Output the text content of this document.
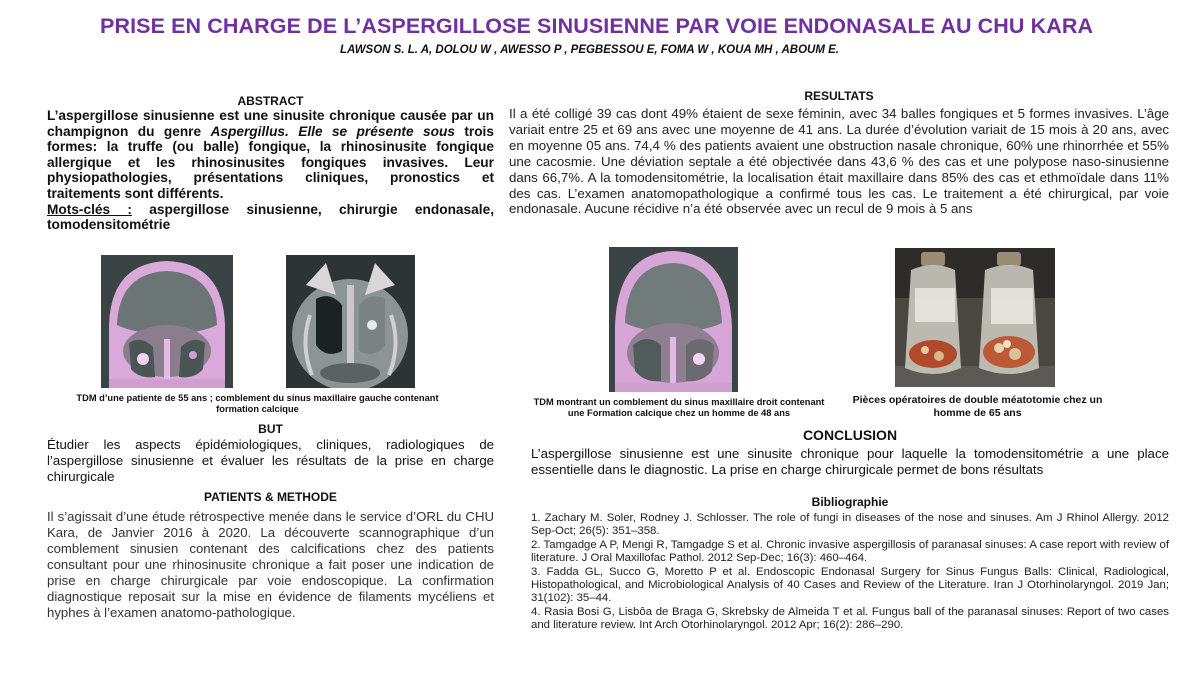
PRISE EN CHARGE DE L’ASPERGILLOSE SINUSIENNE PAR VOIE ENDONASALE AU CHU KARA
LAWSON S. L. A, DOLOU W , AWESSO P , PEGBESSOU E, FOMA W , KOUA MH , ABOUM E.
ABSTRACT
L’aspergillose sinusienne est une sinusite chronique causée par un champignon du genre Aspergillus. Elle se présente sous trois formes: la truffe (ou balle) fongique, la rhinosinusite fongique allergique et les rhinosinusites fongiques invasives. Leur physiopathologies, présentations cliniques, pronostics et traitements sont différents.
Mots-clés : aspergillose sinusienne, chirurgie endonasale, tomodensitométrie
TDM d’une patiente de 55 ans ; comblement du sinus maxillaire gauche contenant formation calcique
BUT
Étudier les aspects épidémiologiques, cliniques, radiologiques de l’aspergillose sinusienne et évaluer les résultats de la prise en charge chirurgicale
PATIENTS & METHODE
Il s’agissait d’une étude rétrospective menée dans le service d’ORL du CHU Kara, de Janvier 2016 à 2020. La découverte scannographique d’un comblement sinusien contenant des calcifications chez des patients consultant pour une rhinosinusite chronique a fait poser une indication de prise en charge chirurgicale par voie endoscopique. La confirmation diagnostique reposait sur la mise en évidence de filaments mycéliens et hyphes à l’examen anatomo-pathologique.
RESULTATS
Il a été colligé 39 cas dont 49% étaient de sexe féminin, avec 34 balles fongiques et 5 formes invasives. L’âge variait entre 25 et 69 ans avec une moyenne de 41 ans. La durée d’évolution variait de 15 mois à 20 ans, avec en moyenne 05 ans. 74,4 % des patients avaient une obstruction nasale chronique, 60% une rhinorrhée et 55% une cacosmie. Une déviation septale a été objectivée dans 43,6 % des cas et une polypose naso-sinusienne dans 66,7%. A la tomodensitométrie, la localisation était maxillaire dans 85% des cas et ethmoïdale dans 11% des cas. L’examen anatomopathologique a confirmé tous les cas. Le traitement a été chirurgical, par voie endonasale. Aucune récidive n’a été observée avec un recul de 9 mois à 5 ans
TDM montrant un comblement du sinus maxillaire droit contenant une Formation calcique chez un homme de 48 ans
Pièces opératoires de double méatotomie chez un homme de 65 ans
CONCLUSION
L’aspergillose sinusienne est une sinusite chronique pour laquelle la tomodensitométrie a une place essentielle dans le diagnostic. La prise en charge chirurgicale permet de bons résultats
Bibliographie

1. Zachary M. Soler, Rodney J. Schlosser. The role of fungi in diseases of the nose and sinuses. Am J Rhinol Allergy. 2012 Sep-Oct; 26(5): 351–358.

2. Tamgadge A P, Mengi R, Tamgadge S et al. Chronic invasive aspergillosis of paranasal sinuses: A case report with review of literature. J Oral Maxillofac Pathol. 2012 Sep-Dec; 16(3): 460–464.

3. Fadda GL, Succo G, Moretto P et al. Endoscopic Endonasal Surgery for Sinus Fungus Balls: Clinical, Radiological, Histopathological, and Microbiological Analysis of 40 Cases and Review of the Literature. Iran J Otorhinolaryngol. 2019 Jan; 31(102): 35–44.

4. Rasia Bosi G, Lisbôa de Braga G, Skrebsky de Almeida T et al. Fungus ball of the paranasal sinuses: Report of two cases and literature review. Int Arch Otorhinolaryngol. 2012 Apr; 16(2): 286–290.
